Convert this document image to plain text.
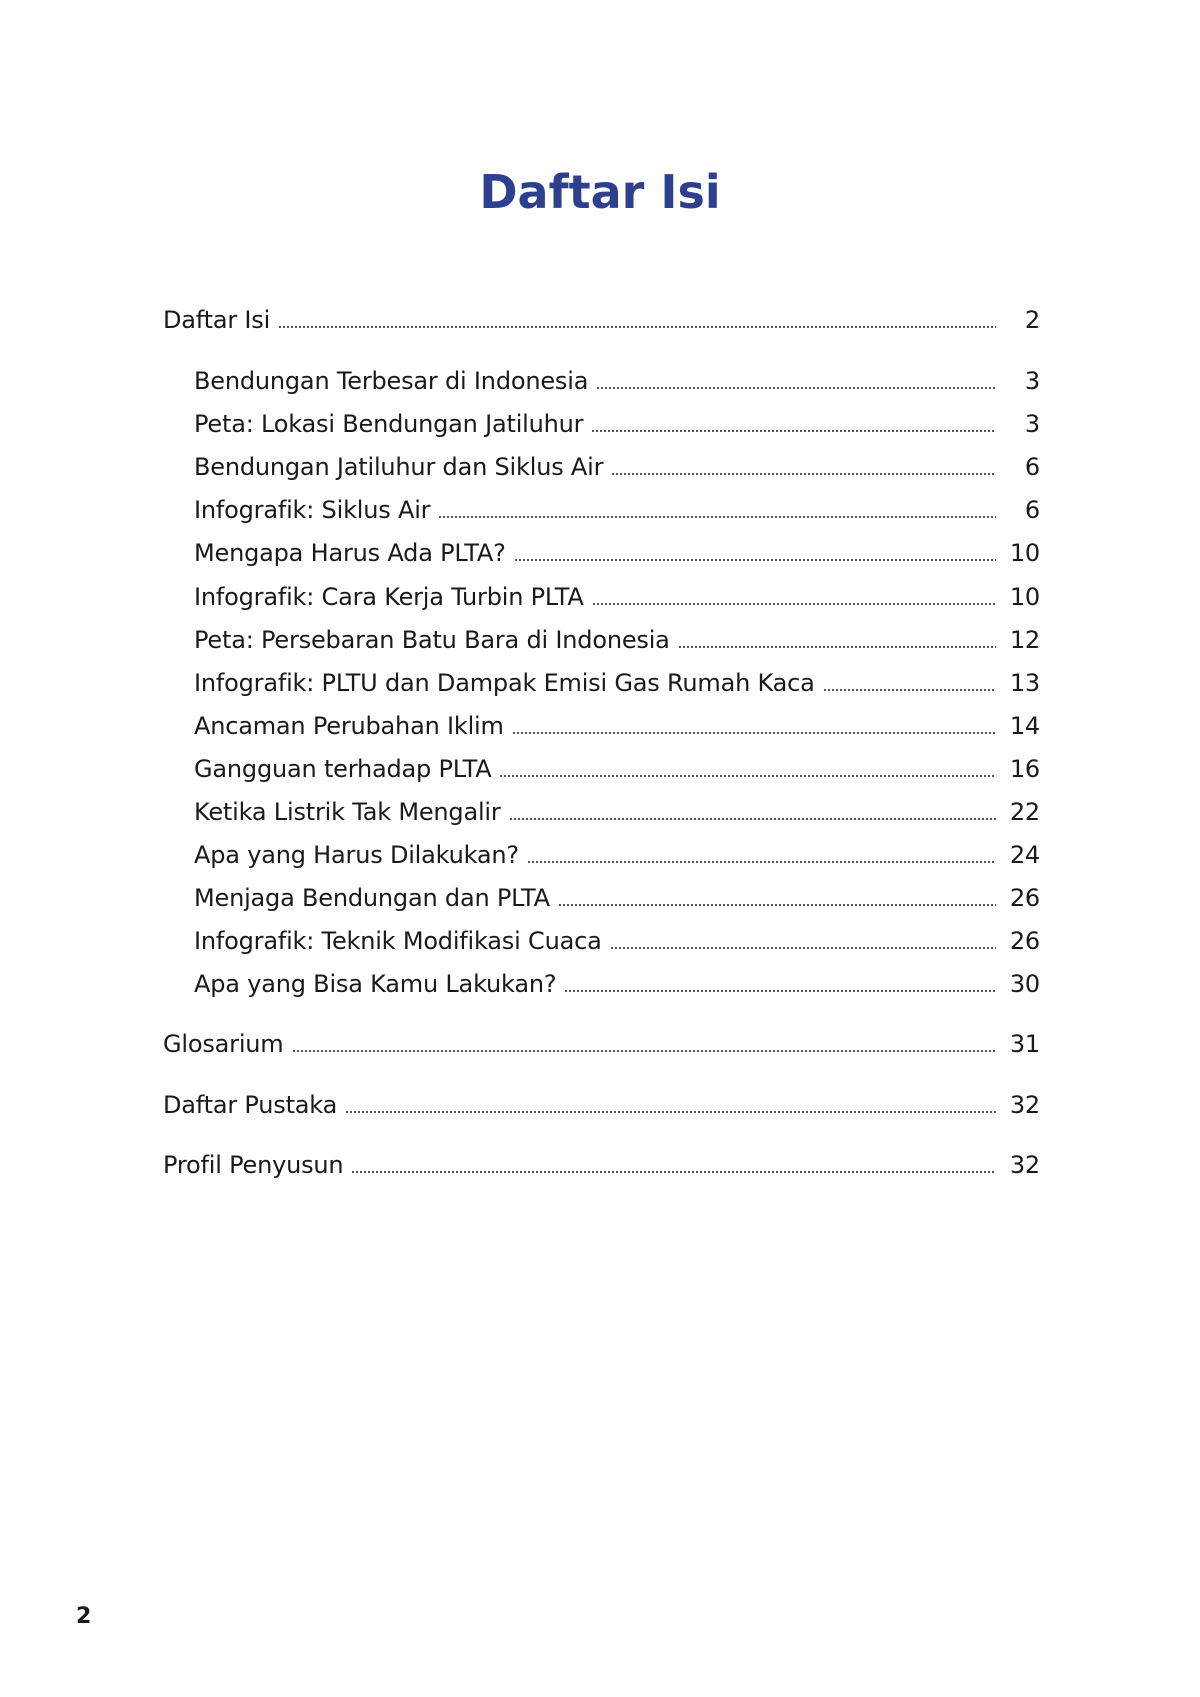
Daftar Isi
Daftar Isi	2
Bendungan Terbesar di Indonesia	3
Peta: Lokasi Bendungan Jatiluhur	3
Bendungan Jatiluhur dan Siklus Air	6
Infografik: Siklus Air	6
Mengapa Harus Ada PLTA?	10
Infografik: Cara Kerja Turbin PLTA	10
Peta: Persebaran Batu Bara di Indonesia	12
Infografik: PLTU dan Dampak Emisi Gas Rumah Kaca	13
Ancaman Perubahan Iklim	14
Gangguan terhadap PLTA	16
Ketika Listrik Tak Mengalir	22
Apa yang Harus Dilakukan?	24
Menjaga Bendungan dan PLTA	26
Infografik: Teknik Modifikasi Cuaca	26
Apa yang Bisa Kamu Lakukan?	30
Glosarium	31
Daftar Pustaka	32
Profil Penyusun	32
2
